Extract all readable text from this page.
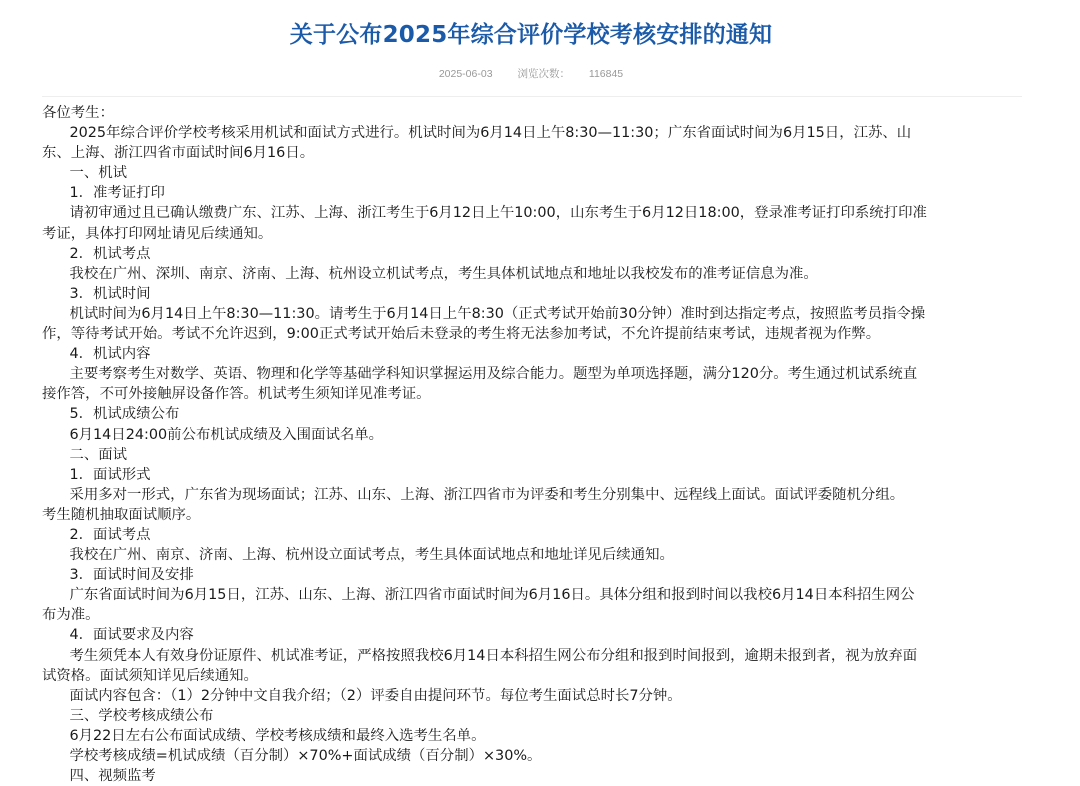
关于公布2025年综合评价学校考核安排的通知
2025-06-03 浏览次数： 116845

各位考生：

2025年综合评价学校考核采用机试和面试方式进行。机试时间为6月14日上午8:30—11:30；广东省面试时间为6月15日，江苏、山

东、上海、浙江四省市面试时间6月16日。

一、机试

1．准考证打印

请初审通过且已确认缴费广东、江苏、上海、浙江考生于6月12日上午10:00，山东考生于6月12日18:00，登录准考证打印系统打印准

考证，具体打印网址请见后续通知。

2．机试考点

我校在广州、深圳、南京、济南、上海、杭州设立机试考点，考生具体机试地点和地址以我校发布的准考证信息为准。

3．机试时间

机试时间为6月14日上午8:30—11:30。请考生于6月14日上午8:30（正式考试开始前30分钟）准时到达指定考点，按照监考员指令操

作，等待考试开始。考试不允许迟到，9:00正式考试开始后未登录的考生将无法参加考试，不允许提前结束考试，违规者视为作弊。

4．机试内容

主要考察考生对数学、英语、物理和化学等基础学科知识掌握运用及综合能力。题型为单项选择题，满分120分。考生通过机试系统直

接作答，不可外接触屏设备作答。机试考生须知详见准考证。

5．机试成绩公布

6月14日24:00前公布机试成绩及入围面试名单。

二、面试

1．面试形式

采用多对一形式，广东省为现场面试；江苏、山东、上海、浙江四省市为评委和考生分别集中、远程线上面试。面试评委随机分组。

考生随机抽取面试顺序。

2．面试考点

我校在广州、南京、济南、上海、杭州设立面试考点，考生具体面试地点和地址详见后续通知。

3．面试时间及安排

广东省面试时间为6月15日，江苏、山东、上海、浙江四省市面试时间为6月16日。具体分组和报到时间以我校6月14日本科招生网公

布为准。

4．面试要求及内容

考生须凭本人有效身份证原件、机试准考证，严格按照我校6月14日本科招生网公布分组和报到时间报到，逾期未报到者，视为放弃面

试资格。面试须知详见后续通知。

面试内容包含：（1）2分钟中文自我介绍；（2）评委自由提问环节。每位考生面试总时长7分钟。

三、学校考核成绩公布

6月22日左右公布面试成绩、学校考核成绩和最终入选考生名单。

学校考核成绩=机试成绩（百分制）×70%+面试成绩（百分制）×30%。

四、视频监考
